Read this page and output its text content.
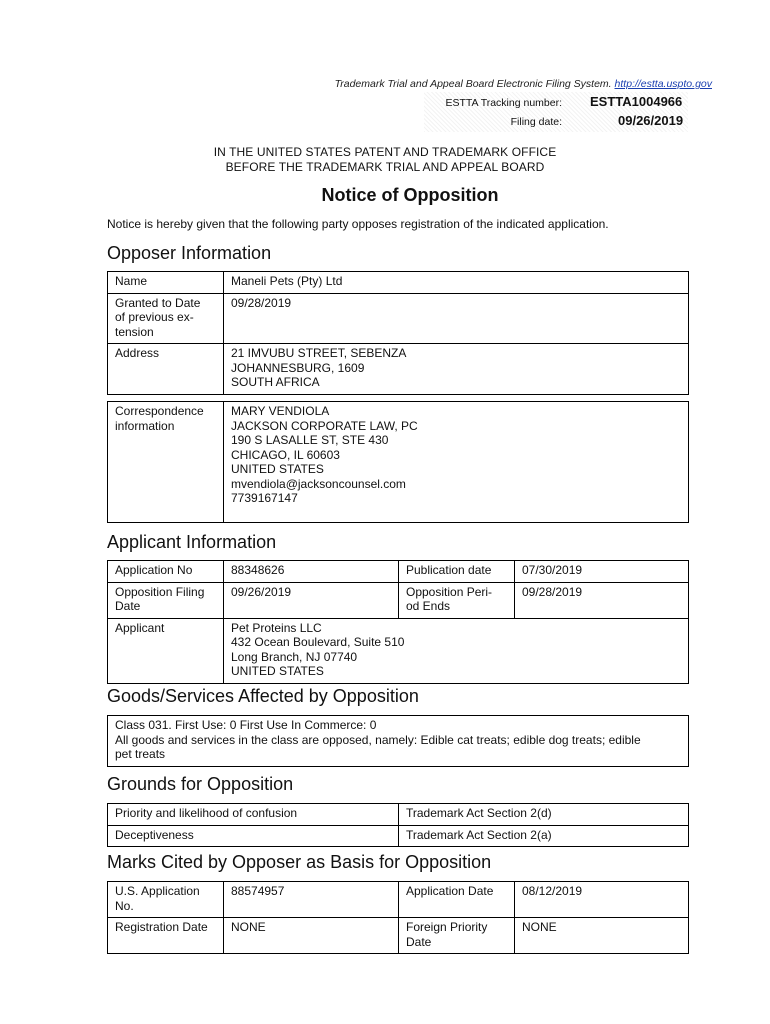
Trademark Trial and Appeal Board Electronic Filing System. http://estta.uspto.gov
ESTTA Tracking number: ESTTA1004966
Filing date:	09/26/2019
IN THE UNITED STATES PATENT AND TRADEMARK OFFICE
BEFORE THE TRADEMARK TRIAL AND APPEAL BOARD
Notice of Opposition
Notice is hereby given that the following party opposes registration of the indicated application.
Opposer Information
Name	Maneli Pets (Pty) Ltd
Granted to Date
of previous ex-
tension	09/28/2019
Address	21 IMVUBU STREET, SEBENZA
JOHANNESBURG, 1609
SOUTH AFRICA
Correspondence
information	MARY VENDIOLA
JACKSON CORPORATE LAW, PC
190 S LASALLE ST, STE 430
CHICAGO, IL 60603
UNITED STATES
mvendiola@jacksoncounsel.com
7739167147
Applicant Information
Application No	88348626	Publication date	07/30/2019
Opposition Filing
Date	09/26/2019	Opposition Peri-
od Ends	09/28/2019
Applicant	Pet Proteins LLC
432 Ocean Boulevard, Suite 510
Long Branch, NJ 07740
UNITED STATES		
Goods/Services Affected by Opposition
Class 031. First Use: 0 First Use In Commerce: 0
All goods and services in the class are opposed, namely: Edible cat treats; edible dog treats; edible
pet treats
Grounds for Opposition
Priority and likelihood of confusion	Trademark Act Section 2(d)
Deceptiveness	Trademark Act Section 2(a)
Marks Cited by Opposer as Basis for Opposition
U.S. Application
No.	88574957	Application Date	08/12/2019
Registration Date	NONE	Foreign Priority
Date	NONE
